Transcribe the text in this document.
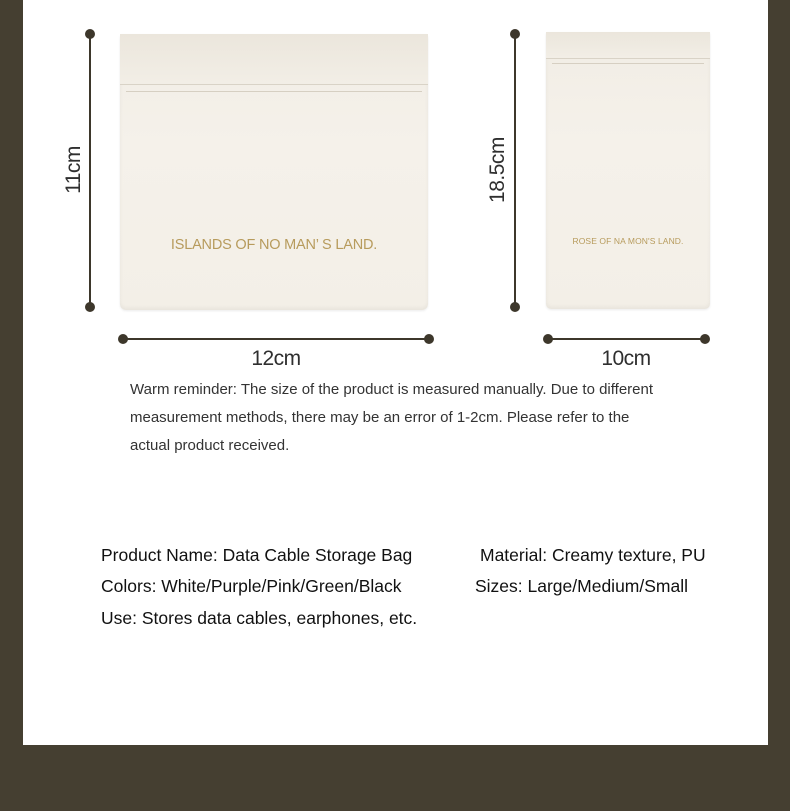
11cm
ISLANDS OF NO MAN’ S LAND.
12cm
18.5cm
ROSE OF NA MON'S LAND.
10cm
Warm reminder: The size of the product is measured manually. Due to different
measurement methods, there may be an error of 1-2cm. Please refer to the
actual product received.
Product Name: Data Cable Storage Bag	Material: Creamy texture, PU
Colors: White/Purple/Pink/Green/Black	Sizes: Large/Medium/Small
Use: Stores data cables, earphones, etc.
